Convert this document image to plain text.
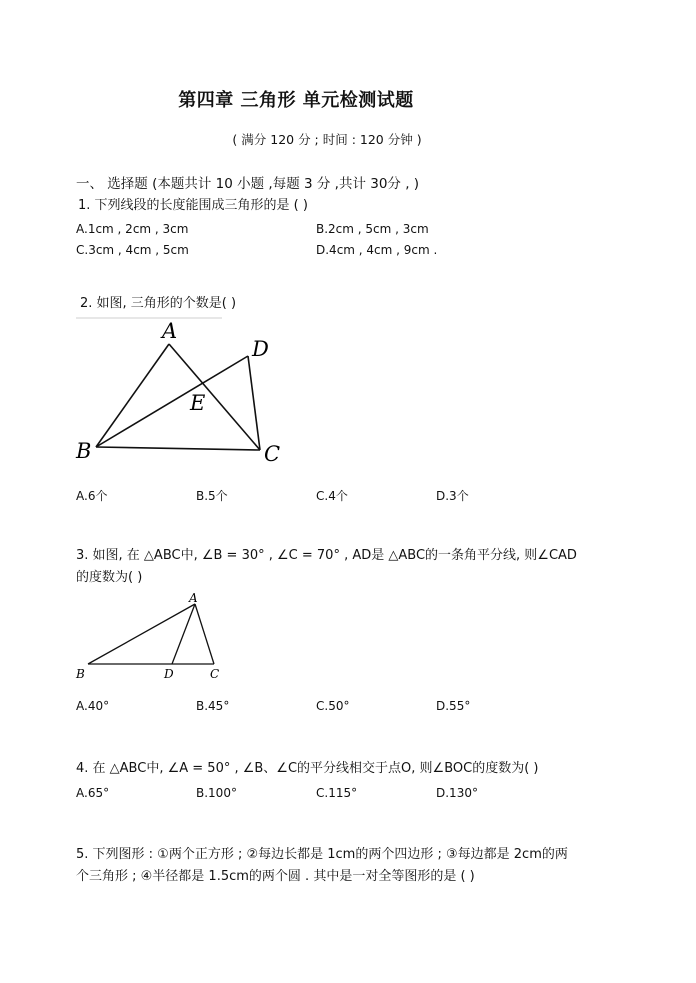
第四章 三角形 单元检测试题
( 满分 120 分 ; 时间 : 120 分钟 )
一、 选择题 (本题共计 10 小题 ,每题 3 分 ,共计 30分 , )
1. 下列线段的长度能围成三角形的是 ( )
A.1cm , 2cm , 3cm	B.2cm , 5cm , 3cm
C.3cm , 4cm , 5cm	D.4cm , 4cm , 9cm .
2. 如图, 三角形的个数是( )
A
D
E
B	C
A.6个	B.5个	C.4个	D.3个
3. 如图, 在 △ABC中, ∠B = 30° , ∠C = 70° , AD是 △ABC的一条角平分线, 则∠CAD
的度数为( )
A
B	D	C
A.40°	B.45°	C.50°	D.55°
4. 在 △ABC中, ∠A = 50° , ∠B、∠C的平分线相交于点O, 则∠BOC的度数为( )
A.65°	B.100°	C.115°	D.130°
5. 下列图形 : ①两个正方形 ; ②每边长都是 1cm的两个四边形 ; ③每边都是 2cm的两
个三角形 ; ④半径都是 1.5cm的两个圆 . 其中是一对全等图形的是 ( )
